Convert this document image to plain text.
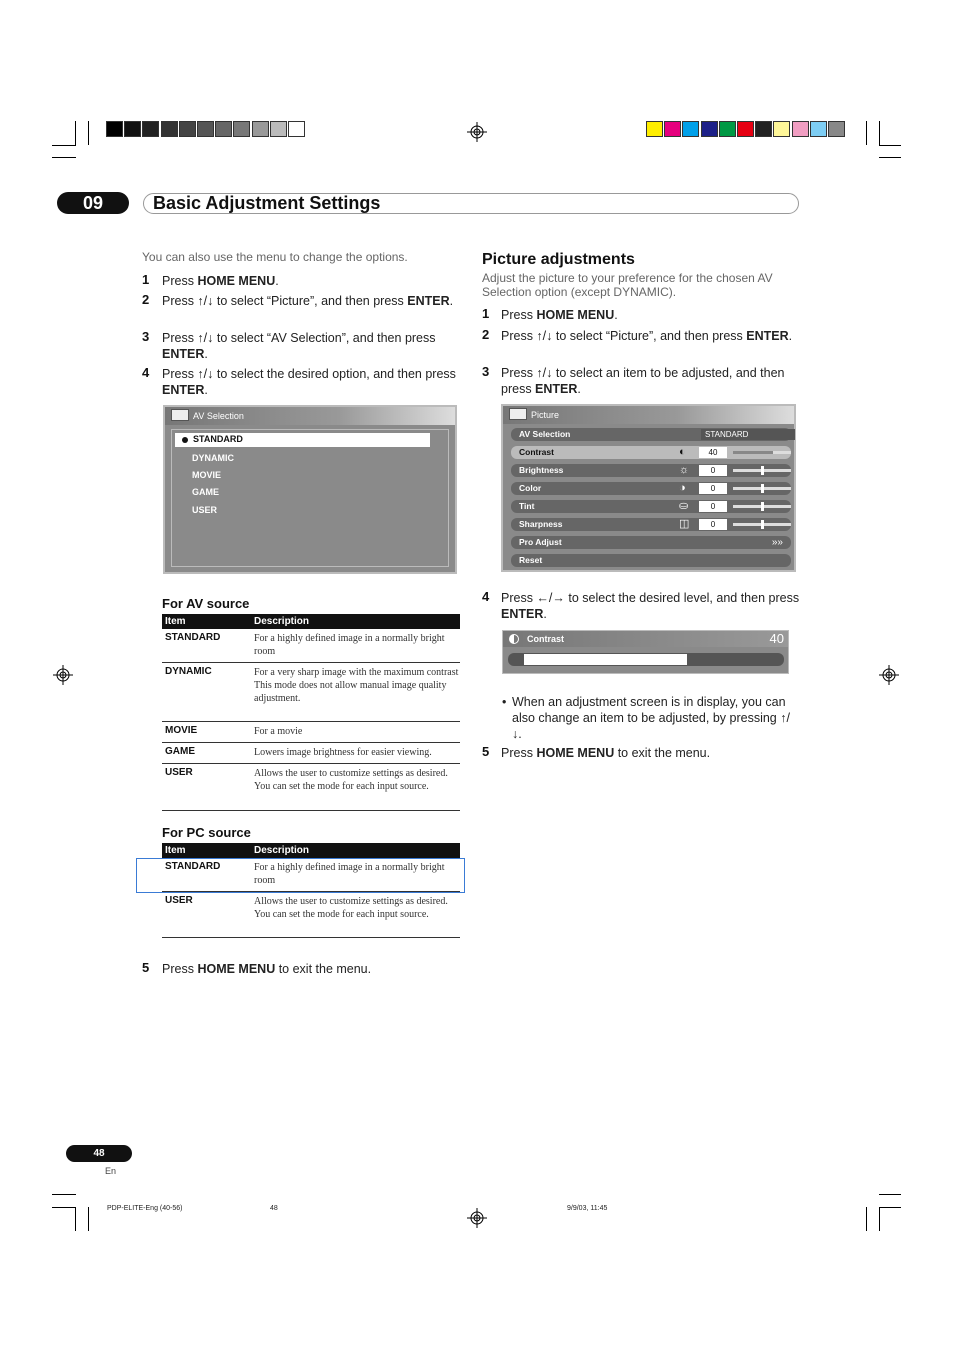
09	Basic Adjustment Settings
You can also use the menu to change the options.
1 Press HOME MENU.
2 Press ↑/↓ to select “Picture”, and then press ENTER.
3 Press ↑/↓ to select “AV Selection”, and then press ENTER.
4 Press ↑/↓ to select the desired option, and then press ENTER.
AV Selection
STANDARD
DYNAMIC
MOVIE
GAME
USER
For AV source
Item	Description
STANDARD	For a highly defined image in a normally bright room
DYNAMIC	For a very sharp image with the maximum contrast
This mode does not allow manual image quality adjustment.
MOVIE	For a movie
GAME	Lowers image brightness for easier viewing.
USER	Allows the user to customize settings as desired. You can set the mode for each input source.
For PC source
Item	Description
STANDARD	For a highly defined image in a normally bright room
USER	Allows the user to customize settings as desired. You can set the mode for each input source.
5 Press HOME MENU to exit the menu.
Picture adjustments
Adjust the picture to your preference for the chosen AV Selection option (except DYNAMIC).
1 Press HOME MENU.
2 Press ↑/↓ to select “Picture”, and then press ENTER.
3 Press ↑/↓ to select an item to be adjusted, and then press ENTER.
Picture
AV Selection	STANDARD
Contrast	◐	40
Brightness	☼	0
Color	◑	0
Tint	⛀	0
Sharpness	◫	0
Pro Adjust	»»
Reset
4 Press ←/→ to select the desired level, and then press ENTER.
Contrast	40
• When an adjustment screen is in display, you can also change an item to be adjusted, by pressing ↑/↓.
5 Press HOME MENU to exit the menu.
48
En
PDP-ELITE-Eng (40-56)	48	9/9/03, 11:45
